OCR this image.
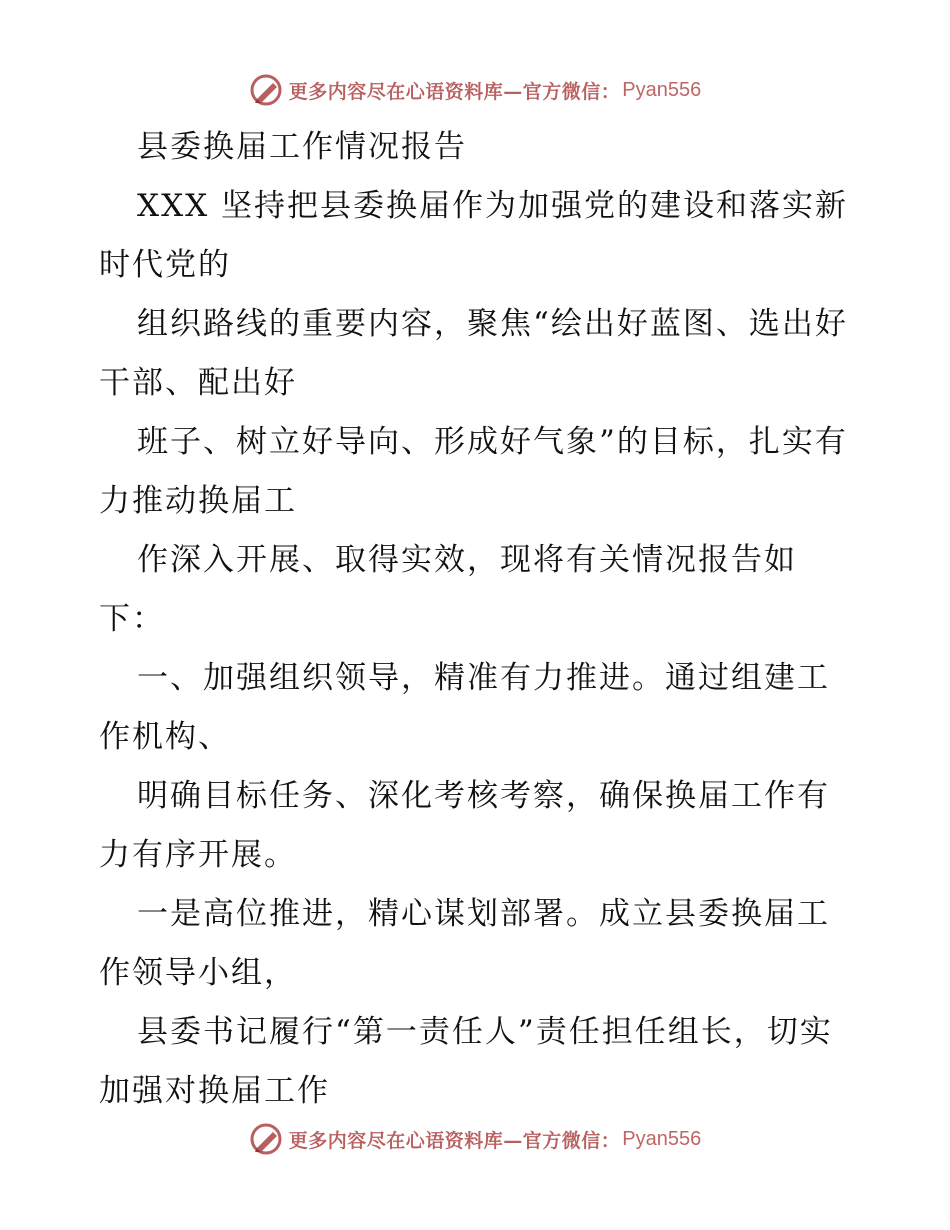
更多内容尽在心语资料库—官方微信： Pyan556

县委换届工作情况报告

XXX 坚持把县委换届作为加强党的建设和落实新时代党的

组织路线的重要内容，聚焦“绘出好蓝图、选出好干部、配出好

班子、树立好导向、形成好气象”的目标，扎实有力推动换届工

作深入开展、取得实效，现将有关情况报告如下：

一、加强组织领导，精准有力推进。通过组建工作机构、

明确目标任务、深化考核考察，确保换届工作有力有序开展。

一是高位推进，精心谋划部署。成立县委换届工作领导小组，

县委书记履行“第一责任人”责任担任组长，切实加强对换届工作

更多内容尽在心语资料库—官方微信： Pyan556
